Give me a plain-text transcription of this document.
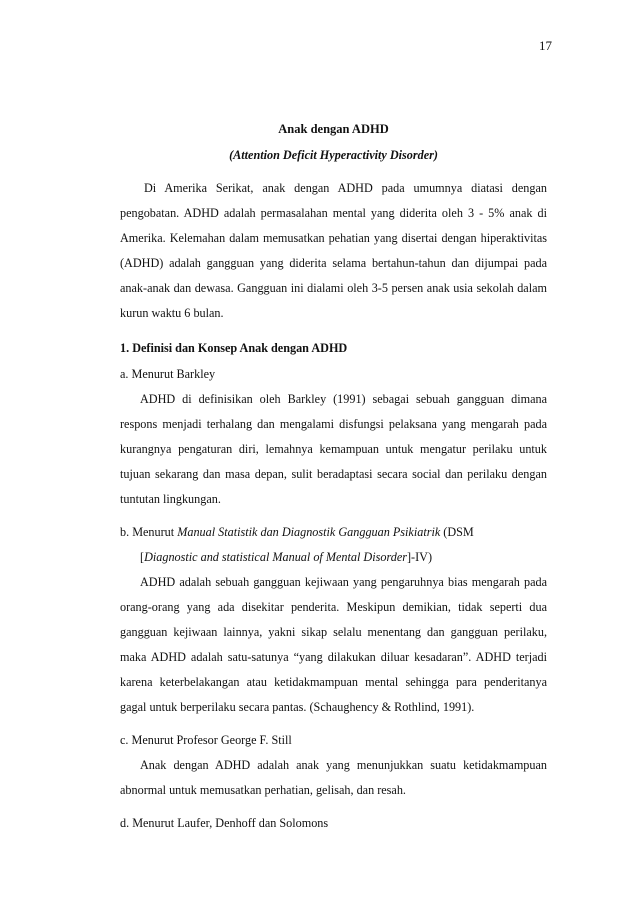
17

Anak dengan ADHD

(Attention Deficit Hyperactivity Disorder)

Di Amerika Serikat, anak dengan ADHD pada umumnya diatasi dengan pengobatan. ADHD adalah permasalahan mental yang diderita oleh 3 - 5% anak di Amerika. Kelemahan dalam memusatkan pehatian yang disertai dengan hiperaktivitas (ADHD) adalah gangguan yang diderita selama bertahun-tahun dan dijumpai pada anak-anak dan dewasa. Gangguan ini dialami oleh 3-5 persen anak usia sekolah dalam kurun waktu 6 bulan.

1. Definisi dan Konsep Anak dengan ADHD

a. Menurut Barkley

ADHD di definisikan oleh Barkley (1991) sebagai sebuah gangguan dimana respons menjadi terhalang dan mengalami disfungsi pelaksana yang mengarah pada kurangnya pengaturan diri, lemahnya kemampuan untuk mengatur perilaku untuk tujuan sekarang dan masa depan, sulit beradaptasi secara social dan perilaku dengan tuntutan lingkungan.

b. Menurut Manual Statistik dan Diagnostik Gangguan Psikiatrik (DSM

[Diagnostic and statistical Manual of Mental Disorder]-IV)

ADHD adalah sebuah gangguan kejiwaan yang pengaruhnya bias mengarah pada orang-orang yang ada disekitar penderita. Meskipun demikian, tidak seperti dua gangguan kejiwaan lainnya, yakni sikap selalu menentang dan gangguan perilaku, maka ADHD adalah satu-satunya “yang dilakukan diluar kesadaran”. ADHD terjadi karena keterbelakangan atau ketidakmampuan mental sehingga para penderitanya gagal untuk berperilaku secara pantas. (Schaughency & Rothlind, 1991).

c. Menurut Profesor George F. Still

Anak dengan ADHD adalah anak yang menunjukkan suatu ketidakmampuan abnormal untuk memusatkan perhatian, gelisah, dan resah.

d. Menurut Laufer, Denhoff dan Solomons
